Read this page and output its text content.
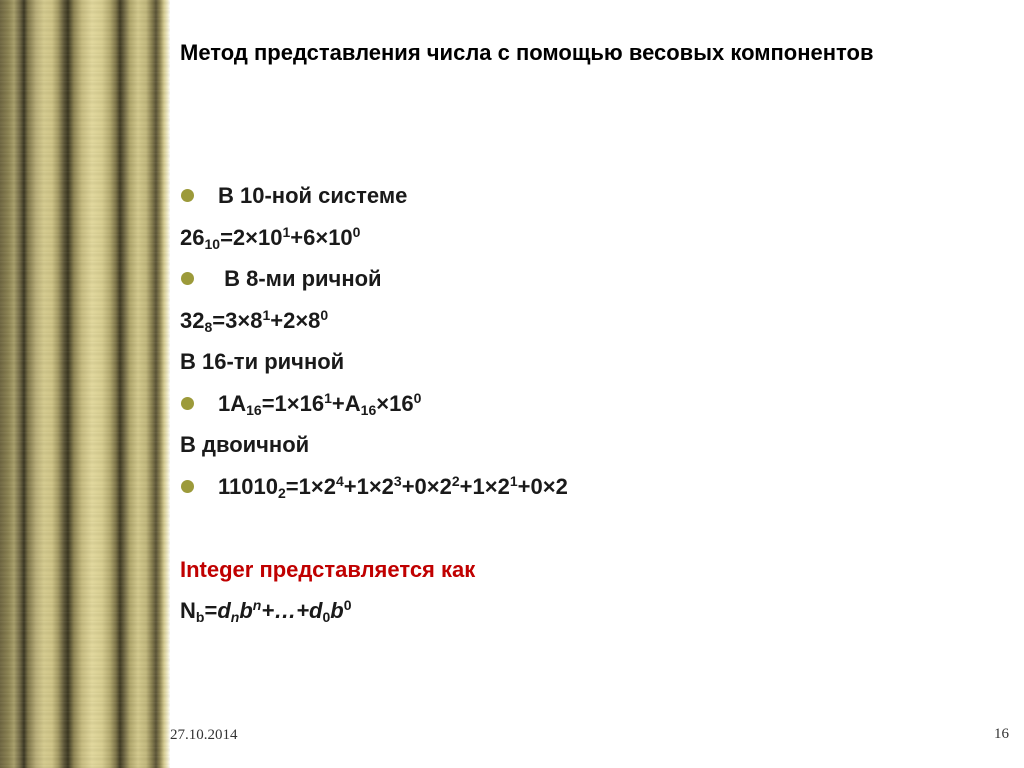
Метод представления числа с помощью весовых компонентов
В 10-ной системе
$26_{10}=2\times 10^1+6\times 10^0$
В 8-ми ричной
$32_8=3\times 8^1+2\times 8^0$
В 16-ти ричной
$1A_{16}=1\times 16^1+A_{16}\times 16^0$
В двоичной
$11010_2=1\times 2^4+1\times 2^3+0\times 2^2+1\times 2^1+0\times 2$
Integer представляется как
$N_b=d_nb^n+\dots+d_0b^0$
27.10.2014	16
